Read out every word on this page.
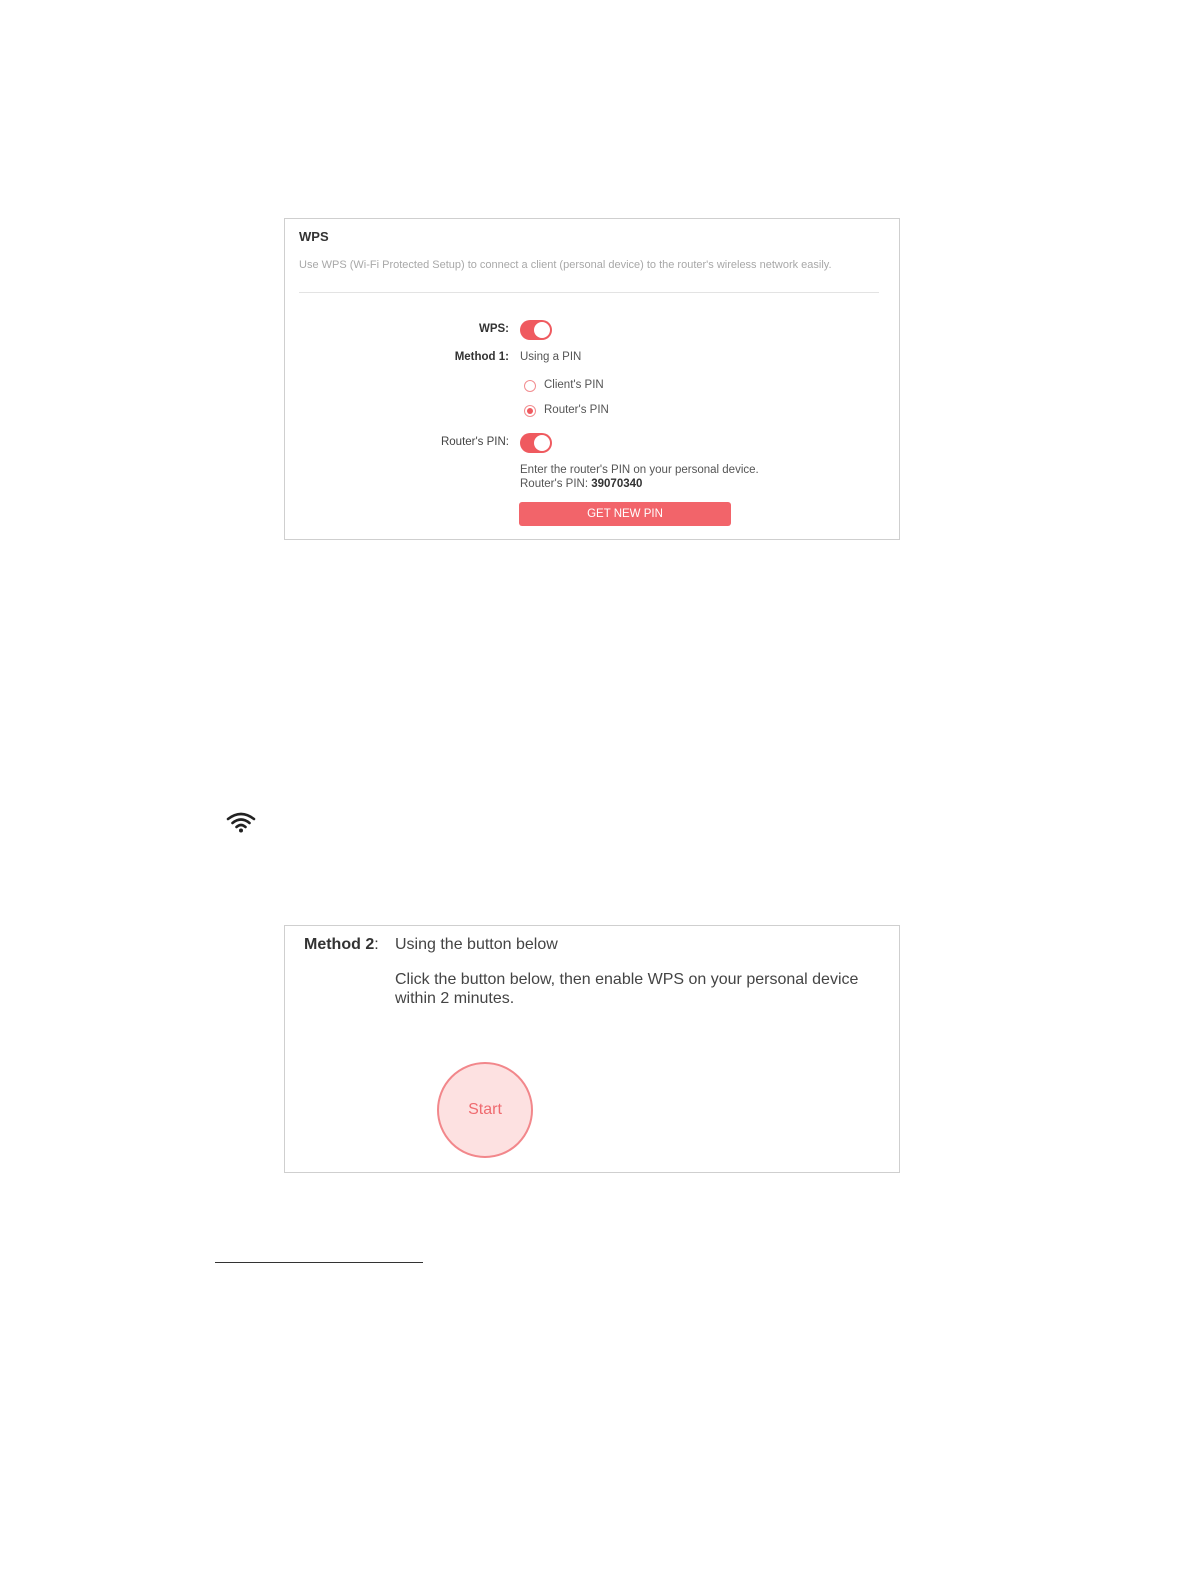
WPS
Use WPS (Wi-Fi Protected Setup) to connect a client (personal device) to the router's wireless network easily.
WPS:
Method 1: Using a PIN
Client's PIN
Router's PIN
Router's PIN:
Enter the router's PIN on your personal device.
Router's PIN: 39070340
GET NEW PIN
Method 2: Using the button below
Click the button below, then enable WPS on your personal device within 2 minutes.
Start
